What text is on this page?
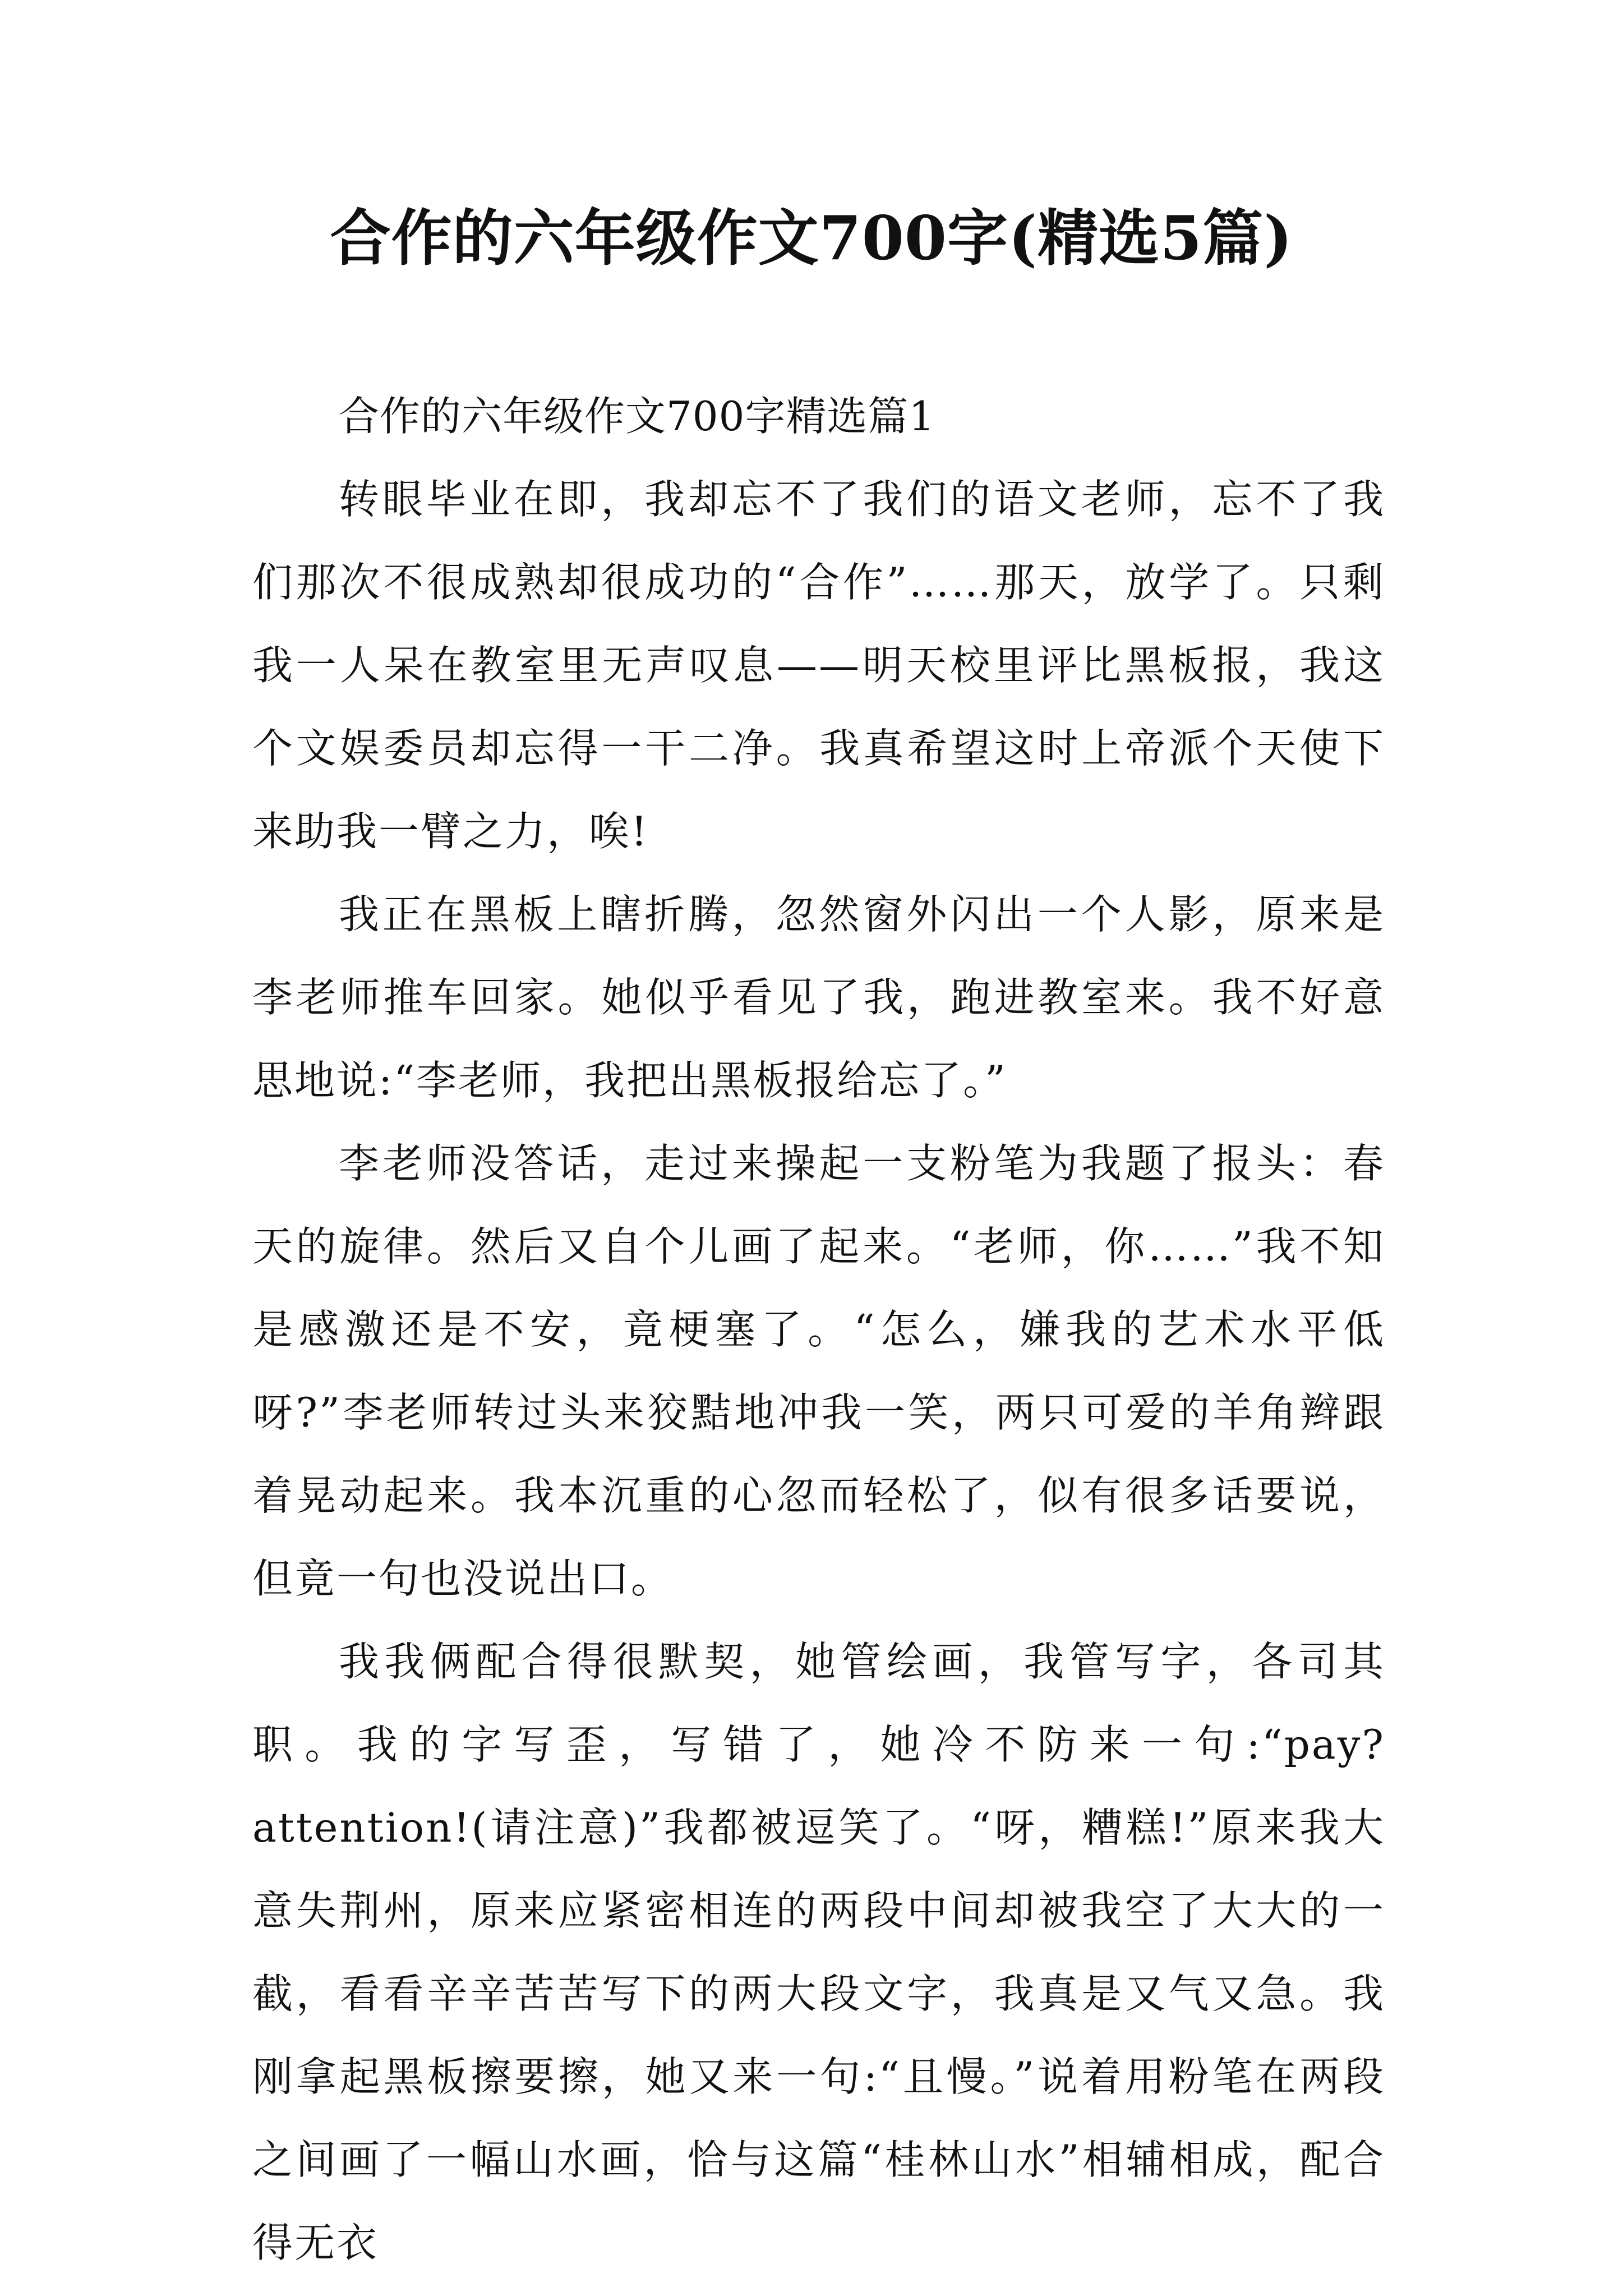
合作的六年级作文700字(精选5篇)

合作的六年级作文700字精选篇1

转眼毕业在即，我却忘不了我们的语文老师，忘不了我们那次不很成熟却很成功的“合作”……那天，放学了。只剩我一人呆在教室里无声叹息——明天校里评比黑板报，我这个文娱委员却忘得一干二净。我真希望这时上帝派个天使下来助我一臂之力，唉!

我正在黑板上瞎折腾，忽然窗外闪出一个人影，原来是李老师推车回家。她似乎看见了我，跑进教室来。我不好意思地说:“李老师，我把出黑板报给忘了。”

李老师没答话，走过来操起一支粉笔为我题了报头：春天的旋律。然后又自个儿画了起来。“老师，你……”我不知是感激还是不安，竟梗塞了。“怎么，嫌我的艺术水平低呀?”李老师转过头来狡黠地冲我一笑，两只可爱的羊角辫跟着晃动起来。我本沉重的心忽而轻松了，似有很多话要说，但竟一句也没说出口。

我我俩配合得很默契，她管绘画，我管写字，各司其职。我的字写歪，写错了，她冷不防来一句:“pay?attention!(请注意)”我都被逗笑了。“呀，糟糕!”原来我大意失荆州，原来应紧密相连的两段中间却被我空了大大的一截，看看辛辛苦苦写下的两大段文字，我真是又气又急。我刚拿起黑板擦要擦，她又来一句:“且慢。”说着用粉笔在两段之间画了一幅山水画，恰与这篇“桂林山水”相辅相成，配合得无衣
